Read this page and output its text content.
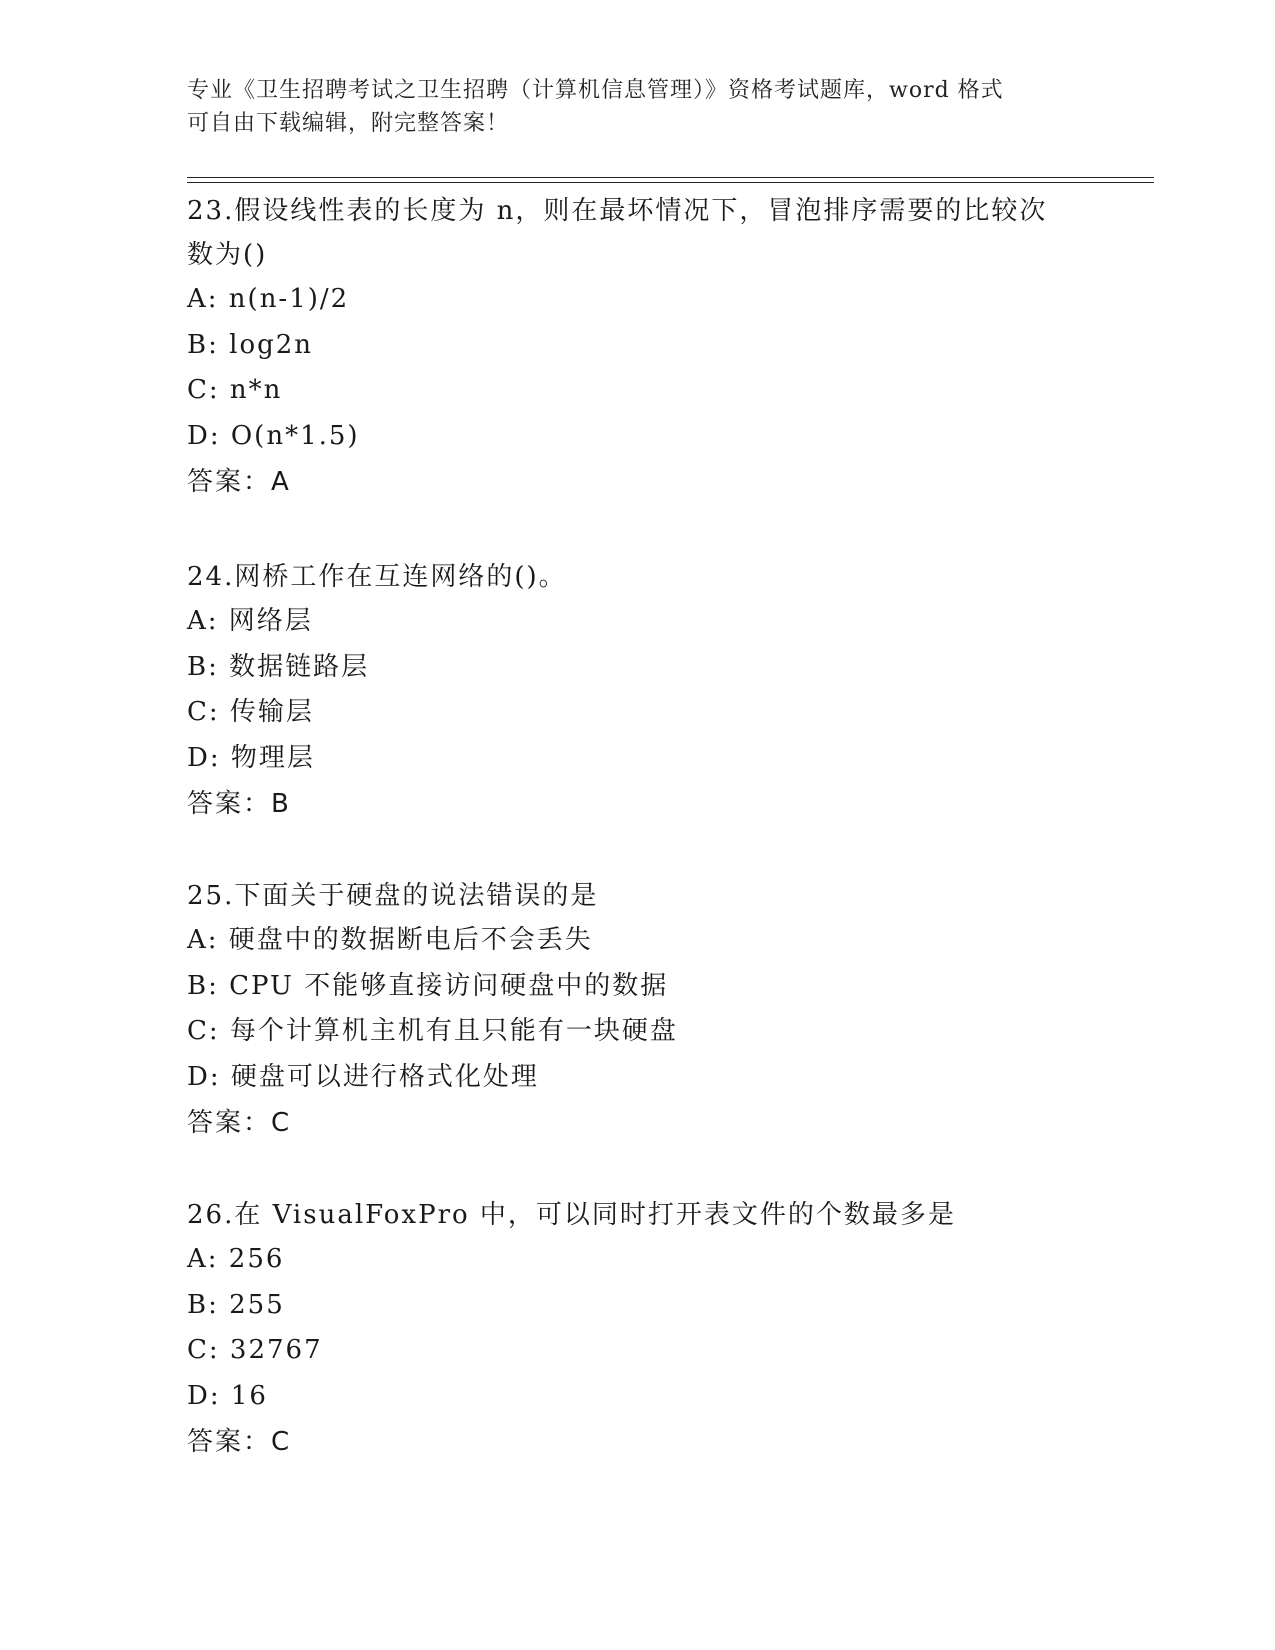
专业《卫生招聘考试之卫生招聘（计算机信息管理）》资格考试题库，word 格式
可自由下载编辑，附完整答案！

23.假设线性表的长度为 n，则在最坏情况下，冒泡排序需要的比较次

数为()

A: n(n-1)/2

B: log2n

C: n*n

D: O(n*1.5)

答案：A

24.网桥工作在互连网络的()。

A: 网络层

B: 数据链路层

C: 传输层

D: 物理层

答案：B

25.下面关于硬盘的说法错误的是

A: 硬盘中的数据断电后不会丢失

B: CPU 不能够直接访问硬盘中的数据

C: 每个计算机主机有且只能有一块硬盘

D: 硬盘可以进行格式化处理

答案：C

26.在 VisualFoxPro 中，可以同时打开表文件的个数最多是

A: 256

B: 255

C: 32767

D: 16

答案：C
